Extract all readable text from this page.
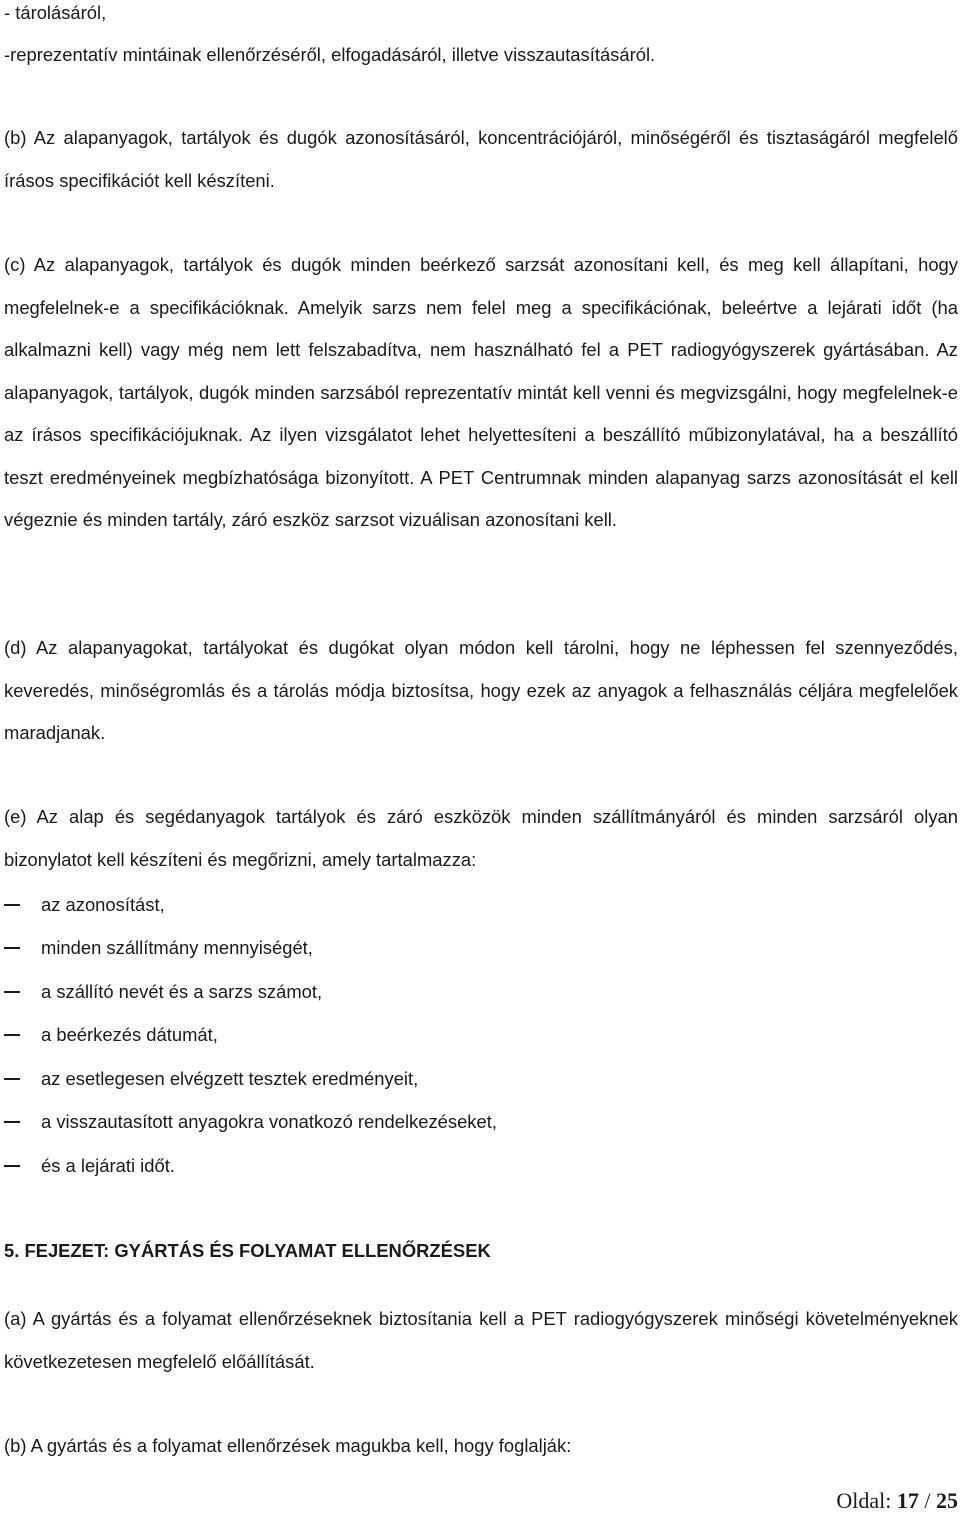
- tárolásáról,

-reprezentatív mintáinak ellenőrzéséről, elfogadásáról, illetve visszautasításáról.

(b) Az alapanyagok, tartályok és dugók azonosításáról, koncentrációjáról, minőségéről és tisztaságáról megfelelő írásos specifikációt kell készíteni.

(c) Az alapanyagok, tartályok és dugók minden beérkező sarzsát azonosítani kell, és meg kell állapítani, hogy megfelelnek-e a specifikációknak. Amelyik sarzs nem felel meg a specifikációnak, beleértve a lejárati időt (ha alkalmazni kell) vagy még nem lett felszabadítva, nem használható fel a PET radiogyógyszerek gyártásában. Az alapanyagok, tartályok, dugók minden sarzsából reprezentatív mintát kell venni és megvizsgálni, hogy megfelelnek-e az írásos specifikációjuknak. Az ilyen vizsgálatot lehet helyettesíteni a beszállító műbizonylatával, ha a beszállító teszt eredményeinek megbízhatósága bizonyított. A PET Centrumnak minden alapanyag sarzs azonosítását el kell végeznie és minden tartály, záró eszköz sarzsot vizuálisan azonosítani kell.

(d) Az alapanyagokat, tartályokat és dugókat olyan módon kell tárolni, hogy ne léphessen fel szennyeződés, keveredés, minőségromlás és a tárolás módja biztosítsa, hogy ezek az anyagok a felhasználás céljára megfelelőek maradjanak.

(e) Az alap és segédanyagok tartályok és záró eszközök minden szállítmányáról és minden sarzsáról olyan bizonylatot kell készíteni és megőrizni, amely tartalmazza:

az azonosítást,
minden szállítmány mennyiségét,
a szállító nevét és a sarzs számot,
a beérkezés dátumát,
az esetlegesen elvégzett tesztek eredményeit,
a visszautasított anyagokra vonatkozó rendelkezéseket,
és a lejárati időt.

5. FEJEZET: GYÁRTÁS ÉS FOLYAMAT ELLENŐRZÉSEK

(a) A gyártás és a folyamat ellenőrzéseknek biztosítania kell a PET radiogyógyszerek minőségi követelményeknek következetesen megfelelő előállítását.

(b) A gyártás és a folyamat ellenőrzések magukba kell, hogy foglalják:

Oldal: 17 / 25
